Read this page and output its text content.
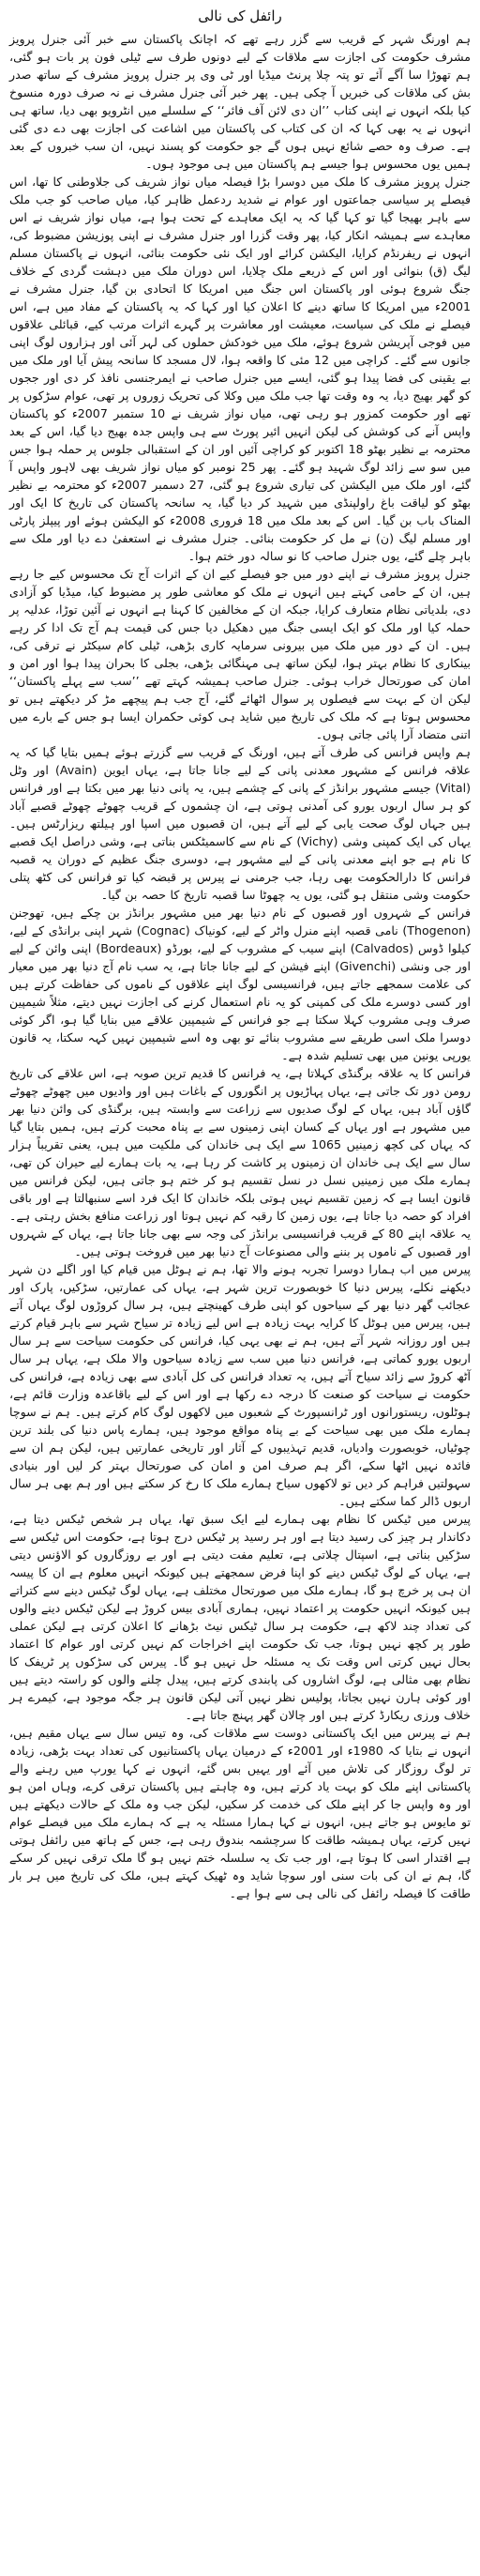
رائفل کی نالی

ہم اورنگ شہر کے قریب سے گزر رہے تھے کہ اچانک پاکستان سے خبر آئی جنرل پرویز مشرف حکومت کی اجازت سے ملاقات کے لیے دونوں طرف سے ٹیلی فون پر بات ہو گئی، ہم تھوڑا سا آگے آئے تو پتہ چلا پرنٹ میڈیا اور ٹی وی پر جنرل پرویز مشرف کے ساتھ صدر بش کی ملاقات کی خبریں آ چکی ہیں۔ پھر خبر آئی جنرل مشرف نے نہ صرف دورہ منسوخ کیا بلکہ انہوں نے اپنی کتاب ’’ان دی لائن آف فائر‘‘ کے سلسلے میں انٹرویو بھی دیا، ساتھ ہی انہوں نے یہ بھی کہا کہ ان کی کتاب کی پاکستان میں اشاعت کی اجازت بھی دے دی گئی ہے۔ صرف وہ حصے شائع نہیں ہوں گے جو حکومت کو پسند نہیں، ان سب خبروں کے بعد ہمیں یوں محسوس ہوا جیسے ہم پاکستان میں ہی موجود ہوں۔

جنرل پرویز مشرف کا ملک میں دوسرا بڑا فیصلہ میاں نواز شریف کی جلاوطنی کا تھا، اس فیصلے پر سیاسی جماعتوں اور عوام نے شدید ردعمل ظاہر کیا، میاں صاحب کو جب ملک سے باہر بھیجا گیا تو کہا گیا کہ یہ ایک معاہدے کے تحت ہوا ہے، میاں نواز شریف نے اس معاہدے سے ہمیشہ انکار کیا، پھر وقت گزرا اور جنرل مشرف نے اپنی پوزیشن مضبوط کی، انہوں نے ریفرنڈم کرایا، الیکشن کرائے اور ایک نئی حکومت بنائی، انہوں نے پاکستان مسلم لیگ (ق) بنوائی اور اس کے ذریعے ملک چلایا، اس دوران ملک میں دہشت گردی کے خلاف جنگ شروع ہوئی اور پاکستان اس جنگ میں امریکا کا اتحادی بن گیا، جنرل مشرف نے 2001ء میں امریکا کا ساتھ دینے کا اعلان کیا اور کہا کہ یہ پاکستان کے مفاد میں ہے، اس فیصلے نے ملک کی سیاست، معیشت اور معاشرت پر گہرے اثرات مرتب کیے، قبائلی علاقوں میں فوجی آپریشن شروع ہوئے، ملک میں خودکش حملوں کی لہر آئی اور ہزاروں لوگ اپنی جانوں سے گئے۔ کراچی میں 12 مئی کا واقعہ ہوا، لال مسجد کا سانحہ پیش آیا اور ملک میں بے یقینی کی فضا پیدا ہو گئی، ایسے میں جنرل صاحب نے ایمرجنسی نافذ کر دی اور ججوں کو گھر بھیج دیا، یہ وہ وقت تھا جب ملک میں وکلا کی تحریک زوروں پر تھی، عوام سڑکوں پر تھے اور حکومت کمزور ہو رہی تھی، میاں نواز شریف نے 10 ستمبر 2007ء کو پاکستان واپس آنے کی کوشش کی لیکن انہیں ائیر پورٹ سے ہی واپس جدہ بھیج دیا گیا، اس کے بعد محترمہ بے نظیر بھٹو 18 اکتوبر کو کراچی آئیں اور ان کے استقبالی جلوس پر حملہ ہوا جس میں سو سے زائد لوگ شہید ہو گئے۔ پھر 25 نومبر کو میاں نواز شریف بھی لاہور واپس آ گئے، اور ملک میں الیکشن کی تیاری شروع ہو گئی، 27 دسمبر 2007ء کو محترمہ بے نظیر بھٹو کو لیاقت باغ راولپنڈی میں شہید کر دیا گیا، یہ سانحہ پاکستان کی تاریخ کا ایک اور المناک باب بن گیا۔ اس کے بعد ملک میں 18 فروری 2008ء کو الیکشن ہوئے اور پیپلز پارٹی اور مسلم لیگ (ن) نے مل کر حکومت بنائی۔ جنرل مشرف نے استعفیٰ دے دیا اور ملک سے باہر چلے گئے، یوں جنرل صاحب کا نو سالہ دور ختم ہوا۔

جنرل پرویز مشرف نے اپنے دور میں جو فیصلے کیے ان کے اثرات آج تک محسوس کیے جا رہے ہیں، ان کے حامی کہتے ہیں انہوں نے ملک کو معاشی طور پر مضبوط کیا، میڈیا کو آزادی دی، بلدیاتی نظام متعارف کرایا، جبکہ ان کے مخالفین کا کہنا ہے انہوں نے آئین توڑا، عدلیہ پر حملہ کیا اور ملک کو ایک ایسی جنگ میں دھکیل دیا جس کی قیمت ہم آج تک ادا کر رہے ہیں۔ ان کے دور میں ملک میں بیرونی سرمایہ کاری بڑھی، ٹیلی کام سیکٹر نے ترقی کی، بینکاری کا نظام بہتر ہوا، لیکن ساتھ ہی مہنگائی بڑھی، بجلی کا بحران پیدا ہوا اور امن و امان کی صورتحال خراب ہوئی۔ جنرل صاحب ہمیشہ کہتے تھے ’’سب سے پہلے پاکستان‘‘ لیکن ان کے بہت سے فیصلوں پر سوال اٹھائے گئے، آج جب ہم پیچھے مڑ کر دیکھتے ہیں تو محسوس ہوتا ہے کہ ملک کی تاریخ میں شاید ہی کوئی حکمران ایسا ہو جس کے بارے میں اتنی متضاد آرا پائی جاتی ہوں۔

ہم واپس فرانس کی طرف آتے ہیں، اورنگ کے قریب سے گزرتے ہوئے ہمیں بتایا گیا کہ یہ علاقہ فرانس کے مشہور معدنی پانی کے لیے جانا جاتا ہے، یہاں ایوین (Avain) اور وٹل (Vital) جیسے مشہور برانڈز کے پانی کے چشمے ہیں، یہ پانی دنیا بھر میں بکتا ہے اور فرانس کو ہر سال اربوں یورو کی آمدنی ہوتی ہے، ان چشموں کے قریب چھوٹے چھوٹے قصبے آباد ہیں جہاں لوگ صحت یابی کے لیے آتے ہیں، ان قصبوں میں اسپا اور ہیلتھ ریزارٹس ہیں۔ یہاں کی ایک کمپنی وشی (Vichy) کے نام سے کاسمیٹکس بناتی ہے، وشی دراصل ایک قصبے کا نام ہے جو اپنے معدنی پانی کے لیے مشہور ہے، دوسری جنگ عظیم کے دوران یہ قصبہ فرانس کا دارالحکومت بھی رہا، جب جرمنی نے پیرس پر قبضہ کیا تو فرانس کی کٹھ پتلی حکومت وشی منتقل ہو گئی، یوں یہ چھوٹا سا قصبہ تاریخ کا حصہ بن گیا۔

فرانس کے شہروں اور قصبوں کے نام دنیا بھر میں مشہور برانڈز بن چکے ہیں، تھوجنن (Thogenon) نامی قصبہ اپنے منرل واٹر کے لیے، کونیاک (Cognac) شہر اپنی برانڈی کے لیے، کیلوا ڈوس (Calvados) اپنے سیب کے مشروب کے لیے، بورڈو (Bordeaux) اپنی وائن کے لیے اور جی ونشی (Givenchi) اپنے فیشن کے لیے جانا جاتا ہے، یہ سب نام آج دنیا بھر میں معیار کی علامت سمجھے جاتے ہیں، فرانسیسی لوگ اپنے علاقوں کے ناموں کی حفاظت کرتے ہیں اور کسی دوسرے ملک کی کمپنی کو یہ نام استعمال کرنے کی اجازت نہیں دیتے، مثلاً شیمپین صرف وہی مشروب کہلا سکتا ہے جو فرانس کے شیمپین علاقے میں بنایا گیا ہو، اگر کوئی دوسرا ملک اسی طریقے سے مشروب بنائے تو بھی وہ اسے شیمپین نہیں کہہ سکتا، یہ قانون یورپی یونین میں بھی تسلیم شدہ ہے۔

فرانس کا یہ علاقہ برگنڈی کہلاتا ہے، یہ فرانس کا قدیم ترین صوبہ ہے، اس علاقے کی تاریخ رومن دور تک جاتی ہے، یہاں پہاڑیوں پر انگوروں کے باغات ہیں اور وادیوں میں چھوٹے چھوٹے گاؤں آباد ہیں، یہاں کے لوگ صدیوں سے زراعت سے وابستہ ہیں، برگنڈی کی وائن دنیا بھر میں مشہور ہے اور یہاں کے کسان اپنی زمینوں سے بے پناہ محبت کرتے ہیں، ہمیں بتایا گیا کہ یہاں کی کچھ زمینیں 1065 سے ایک ہی خاندان کی ملکیت میں ہیں، یعنی تقریباً ہزار سال سے ایک ہی خاندان ان زمینوں پر کاشت کر رہا ہے، یہ بات ہمارے لیے حیران کن تھی، ہمارے ملک میں زمینیں نسل در نسل تقسیم ہو کر ختم ہو جاتی ہیں، لیکن فرانس میں قانون ایسا ہے کہ زمین تقسیم نہیں ہوتی بلکہ خاندان کا ایک فرد اسے سنبھالتا ہے اور باقی افراد کو حصہ دیا جاتا ہے، یوں زمین کا رقبہ کم نہیں ہوتا اور زراعت منافع بخش رہتی ہے۔ یہ علاقہ اپنے 80 کے قریب فرانسیسی برانڈز کی وجہ سے بھی جانا جاتا ہے، یہاں کے شہروں اور قصبوں کے ناموں پر بننے والی مصنوعات آج دنیا بھر میں فروخت ہوتی ہیں۔

پیرس میں اب ہمارا دوسرا تجربہ ہونے والا تھا، ہم نے ہوٹل میں قیام کیا اور اگلے دن شہر دیکھنے نکلے، پیرس دنیا کا خوبصورت ترین شہر ہے، یہاں کی عمارتیں، سڑکیں، پارک اور عجائب گھر دنیا بھر کے سیاحوں کو اپنی طرف کھینچتے ہیں، ہر سال کروڑوں لوگ یہاں آتے ہیں، پیرس میں ہوٹل کا کرایہ بہت زیادہ ہے اس لیے زیادہ تر سیاح شہر سے باہر قیام کرتے ہیں اور روزانہ شہر آتے ہیں، ہم نے بھی یہی کیا، فرانس کی حکومت سیاحت سے ہر سال اربوں یورو کماتی ہے، فرانس دنیا میں سب سے زیادہ سیاحوں والا ملک ہے، یہاں ہر سال آٹھ کروڑ سے زائد سیاح آتے ہیں، یہ تعداد فرانس کی کل آبادی سے بھی زیادہ ہے، فرانس کی حکومت نے سیاحت کو صنعت کا درجہ دے رکھا ہے اور اس کے لیے باقاعدہ وزارت قائم ہے، ہوٹلوں، ریستورانوں اور ٹرانسپورٹ کے شعبوں میں لاکھوں لوگ کام کرتے ہیں۔ ہم نے سوچا ہمارے ملک میں بھی سیاحت کے بے پناہ مواقع موجود ہیں، ہمارے پاس دنیا کی بلند ترین چوٹیاں، خوبصورت وادیاں، قدیم تہذیبوں کے آثار اور تاریخی عمارتیں ہیں، لیکن ہم ان سے فائدہ نہیں اٹھا سکے، اگر ہم صرف امن و امان کی صورتحال بہتر کر لیں اور بنیادی سہولتیں فراہم کر دیں تو لاکھوں سیاح ہمارے ملک کا رخ کر سکتے ہیں اور ہم بھی ہر سال اربوں ڈالر کما سکتے ہیں۔

پیرس میں ٹیکس کا نظام بھی ہمارے لیے ایک سبق تھا، یہاں ہر شخص ٹیکس دیتا ہے، دکاندار ہر چیز کی رسید دیتا ہے اور ہر رسید پر ٹیکس درج ہوتا ہے، حکومت اس ٹیکس سے سڑکیں بناتی ہے، اسپتال چلاتی ہے، تعلیم مفت دیتی ہے اور بے روزگاروں کو الاؤنس دیتی ہے، یہاں کے لوگ ٹیکس دینے کو اپنا فرض سمجھتے ہیں کیونکہ انہیں معلوم ہے ان کا پیسہ ان ہی پر خرچ ہو گا، ہمارے ملک میں صورتحال مختلف ہے، یہاں لوگ ٹیکس دینے سے کتراتے ہیں کیونکہ انہیں حکومت پر اعتماد نہیں، ہماری آبادی بیس کروڑ ہے لیکن ٹیکس دینے والوں کی تعداد چند لاکھ ہے، حکومت ہر سال ٹیکس نیٹ بڑھانے کا اعلان کرتی ہے لیکن عملی طور پر کچھ نہیں ہوتا، جب تک حکومت اپنے اخراجات کم نہیں کرتی اور عوام کا اعتماد بحال نہیں کرتی اس وقت تک یہ مسئلہ حل نہیں ہو گا۔ پیرس کی سڑکوں پر ٹریفک کا نظام بھی مثالی ہے، لوگ اشاروں کی پابندی کرتے ہیں، پیدل چلنے والوں کو راستہ دیتے ہیں اور کوئی ہارن نہیں بجاتا، پولیس نظر نہیں آتی لیکن قانون ہر جگہ موجود ہے، کیمرے ہر خلاف ورزی ریکارڈ کرتے ہیں اور چالان گھر پہنچ جاتا ہے۔

ہم نے پیرس میں ایک پاکستانی دوست سے ملاقات کی، وہ تیس سال سے یہاں مقیم ہیں، انہوں نے بتایا کہ 1980ء اور 2001ء کے درمیان یہاں پاکستانیوں کی تعداد بہت بڑھی، زیادہ تر لوگ روزگار کی تلاش میں آئے اور یہیں بس گئے، انہوں نے کہا یورپ میں رہنے والے پاکستانی اپنے ملک کو بہت یاد کرتے ہیں، وہ چاہتے ہیں پاکستان ترقی کرے، وہاں امن ہو اور وہ واپس جا کر اپنے ملک کی خدمت کر سکیں، لیکن جب وہ ملک کے حالات دیکھتے ہیں تو مایوس ہو جاتے ہیں، انہوں نے کہا ہمارا مسئلہ یہ ہے کہ ہمارے ملک میں فیصلے عوام نہیں کرتے، یہاں ہمیشہ طاقت کا سرچشمہ بندوق رہی ہے، جس کے ہاتھ میں رائفل ہوتی ہے اقتدار اسی کا ہوتا ہے، اور جب تک یہ سلسلہ ختم نہیں ہو گا ملک ترقی نہیں کر سکے گا، ہم نے ان کی بات سنی اور سوچا شاید وہ ٹھیک کہتے ہیں، ملک کی تاریخ میں ہر بار طاقت کا فیصلہ رائفل کی نالی ہی سے ہوا ہے۔
